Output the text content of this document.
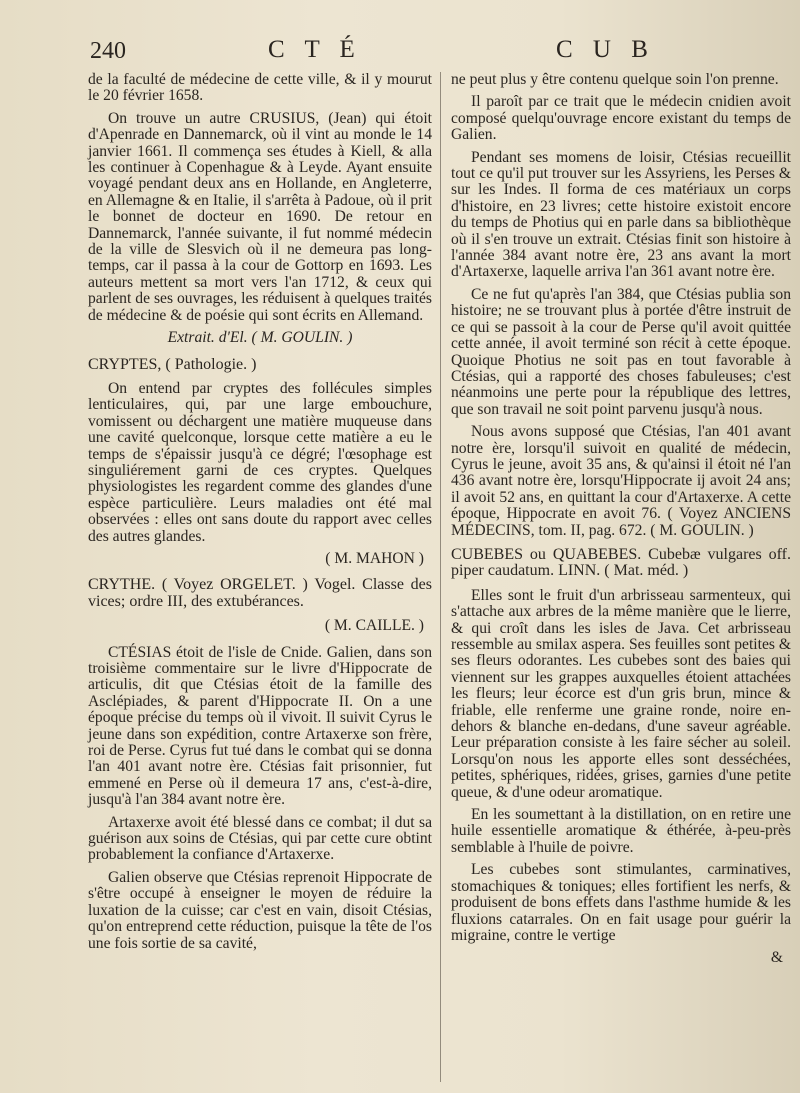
240	C T É	C U B

de la faculté de médecine de cette ville, & il y mourut le 20 février 1658.

On trouve un autre CRUSIUS, (Jean) qui étoit d'Apenrade en Dannemarck, où il vint au monde le 14 janvier 1661. Il commença ses études à Kiell, & alla les continuer à Copenhague & à Leyde. Ayant ensuite voyagé pendant deux ans en Hollande, en Angleterre, en Allemagne & en Italie, il s'arrêta à Padoue, où il prit le bonnet de docteur en 1690. De retour en Dannemarck, l'année suivante, il fut nommé médecin de la ville de Slesvich où il ne demeura pas long-temps, car il passa à la cour de Gottorp en 1693. Les auteurs mettent sa mort vers l'an 1712, & ceux qui parlent de ses ouvrages, les réduisent à quelques traités de médecine & de poésie qui sont écrits en Allemand.

Extrait. d'El. ( M. GOULIN. )

CRYPTES, ( Pathologie. )

On entend par cryptes des follécules simples lenticulaires, qui, par une large embouchure, vomissent ou déchargent une matière muqueuse dans une cavité quelconque, lorsque cette matière a eu le temps de s'épaissir jusqu'à ce dégré; l'œsophage est singuliérement garni de ces cryptes. Quelques physiologistes les regardent comme des glandes d'une espèce particulière. Leurs maladies ont été mal observées : elles ont sans doute du rapport avec celles des autres glandes.

( M. MAHON )

CRYTHE. ( Voyez ORGELET. ) Vogel. Classe des vices; ordre III, des extubérances.

( M. CAILLE. )

CTÉSIAS étoit de l'isle de Cnide. Galien, dans son troisième commentaire sur le livre d'Hippocrate de articulis, dit que Ctésias étoit de la famille des Asclépiades, & parent d'Hippocrate II. On a une époque précise du temps où il vivoit. Il suivit Cyrus le jeune dans son expédition, contre Artaxerxe son frère, roi de Perse. Cyrus fut tué dans le combat qui se donna l'an 401 avant notre ère. Ctésias fait prisonnier, fut emmené en Perse où il demeura 17 ans, c'est-à-dire, jusqu'à l'an 384 avant notre ère.

Artaxerxe avoit été blessé dans ce combat; il dut sa guérison aux soins de Ctésias, qui par cette cure obtint probablement la confiance d'Artaxerxe.

Galien observe que Ctésias reprenoit Hippocrate de s'être occupé à enseigner le moyen de réduire la luxation de la cuisse; car c'est en vain, disoit Ctésias, qu'on entreprend cette réduction, puisque la tête de l'os une fois sortie de sa cavité,

ne peut plus y être contenu quelque soin l'on prenne.

Il paroît par ce trait que le médecin cnidien avoit composé quelqu'ouvrage encore existant du temps de Galien.

Pendant ses momens de loisir, Ctésias recueillit tout ce qu'il put trouver sur les Assyriens, les Perses & sur les Indes. Il forma de ces matériaux un corps d'histoire, en 23 livres; cette histoire existoit encore du temps de Photius qui en parle dans sa bibliothèque où il s'en trouve un extrait. Ctésias finit son histoire à l'année 384 avant notre ère, 23 ans avant la mort d'Artaxerxe, laquelle arriva l'an 361 avant notre ère.

Ce ne fut qu'après l'an 384, que Ctésias publia son histoire; ne se trouvant plus à portée d'être instruit de ce qui se passoit à la cour de Perse qu'il avoit quittée cette année, il avoit terminé son récit à cette époque. Quoique Photius ne soit pas en tout favorable à Ctésias, qui a rapporté des choses fabuleuses; c'est néanmoins une perte pour la république des lettres, que son travail ne soit point parvenu jusqu'à nous.

Nous avons supposé que Ctésias, l'an 401 avant notre ère, lorsqu'il suivoit en qualité de médecin, Cyrus le jeune, avoit 35 ans, & qu'ainsi il étoit né l'an 436 avant notre ère, lorsqu'Hippocrate ij avoit 24 ans; il avoit 52 ans, en quittant la cour d'Artaxerxe. A cette époque, Hippocrate en avoit 76. ( Voyez ANCIENS MÉDECINS, tom. II, pag. 672. ( M. GOULIN. )

CUBEBES ou QUABEBES. Cubebæ vulgares off. piper caudatum. LINN. ( Mat. méd. )

Elles sont le fruit d'un arbrisseau sarmenteux, qui s'attache aux arbres de la même manière que le lierre, & qui croît dans les isles de Java. Cet arbrisseau ressemble au smilax aspera. Ses feuilles sont petites & ses fleurs odorantes. Les cubebes sont des baies qui viennent sur les grappes auxquelles étoient attachées les fleurs; leur écorce est d'un gris brun, mince & friable, elle renferme une graine ronde, noire en-dehors & blanche en-dedans, d'une saveur agréable. Leur préparation consiste à les faire sécher au soleil. Lorsqu'on nous les apporte elles sont desséchées, petites, sphériques, ridées, grises, garnies d'une petite queue, & d'une odeur aromatique.

En les soumettant à la distillation, on en retire une huile essentielle aromatique & éthérée, à-peu-près semblable à l'huile de poivre.

Les cubebes sont stimulantes, carminatives, stomachiques & toniques; elles fortifient les nerfs, & produisent de bons effets dans l'asthme humide & les fluxions catarrales. On en fait usage pour guérir la migraine, contre le vertige

&
